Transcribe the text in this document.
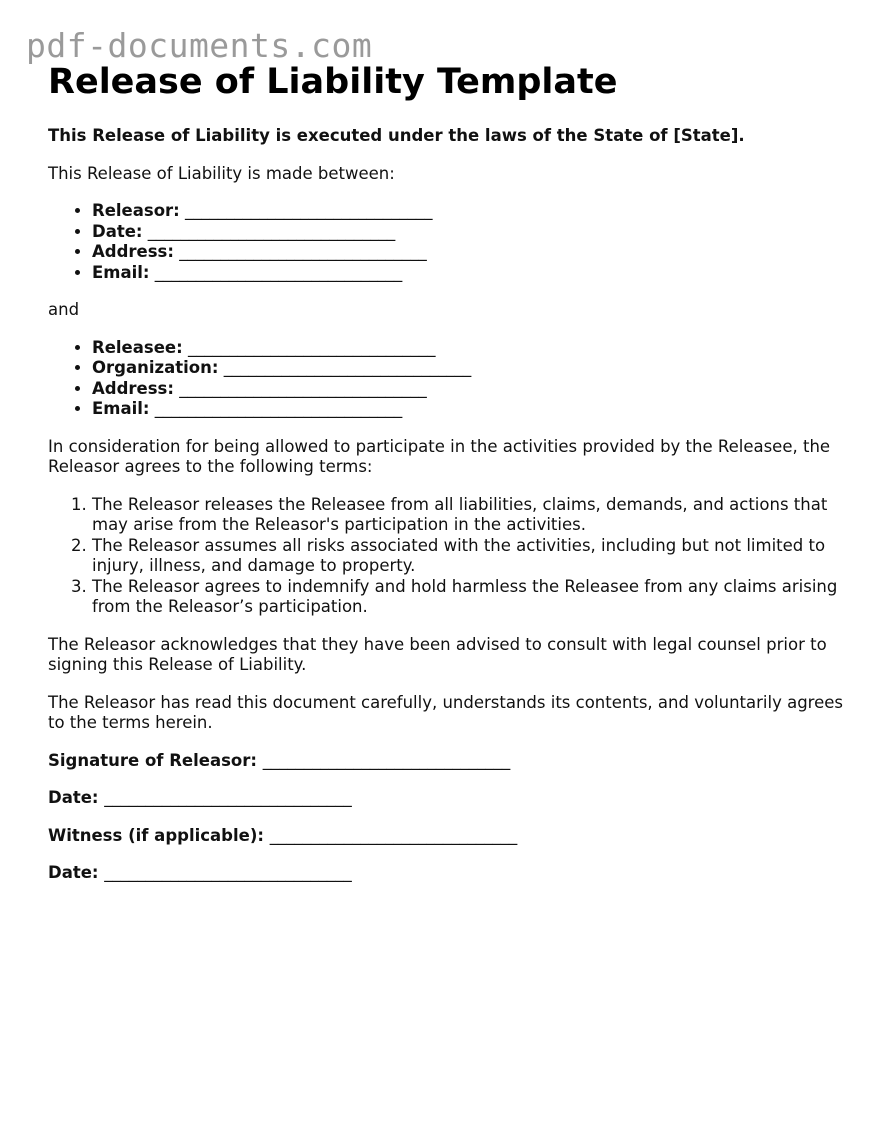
pdf-documents.com
Release of Liability Template

This Release of Liability is executed under the laws of the State of [State].

This Release of Liability is made between:

• Releasor: ______________________________
• Date: ______________________________
• Address: ______________________________
• Email: ______________________________

and

• Releasee: ______________________________
• Organization: ______________________________
• Address: ______________________________
• Email: ______________________________

In consideration for being allowed to participate in the activities provided by the Releasee, the Releasor agrees to the following terms:

1. The Releasor releases the Releasee from all liabilities, claims, demands, and actions that may arise from the Releasor's participation in the activities.
2. The Releasor assumes all risks associated with the activities, including but not limited to injury, illness, and damage to property.
3. The Releasor agrees to indemnify and hold harmless the Releasee from any claims arising from the Releasor’s participation.

The Releasor acknowledges that they have been advised to consult with legal counsel prior to signing this Release of Liability.

The Releasor has read this document carefully, understands its contents, and voluntarily agrees to the terms herein.

Signature of Releasor: ______________________________

Date: ______________________________

Witness (if applicable): ______________________________

Date: ______________________________
